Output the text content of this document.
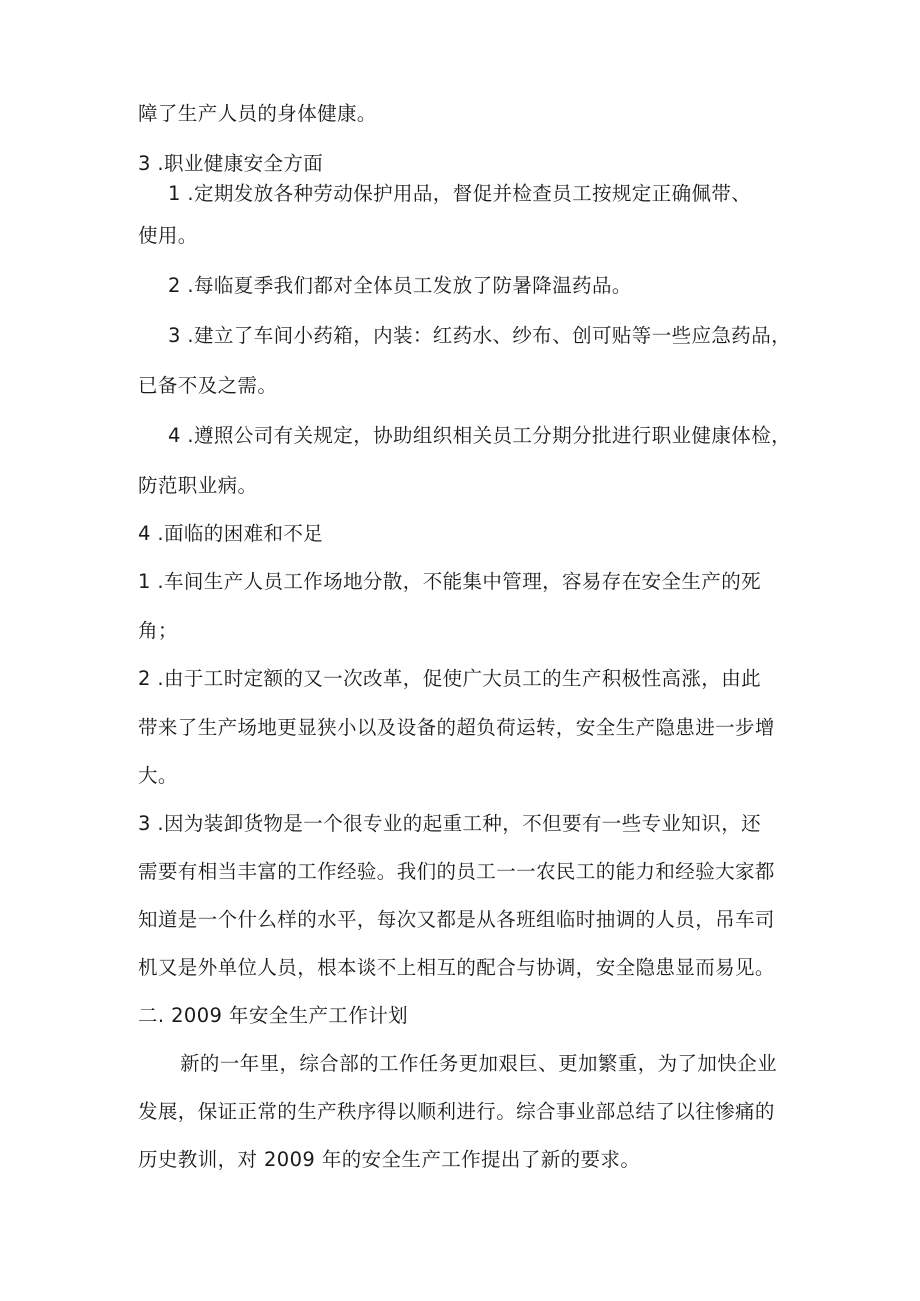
障了生产人员的身体健康。
3 .职业健康安全方面
1 .定期发放各种劳动保护用品，督促并检查员工按规定正确佩带、
使用。
2 .每临夏季我们都对全体员工发放了防暑降温药品。
3 .建立了车间小药箱，内装：红药水、纱布、创可贴等一些应急药品，
已备不及之需。
4 .遵照公司有关规定，协助组织相关员工分期分批进行职业健康体检，
防范职业病。
4 .面临的困难和不足
1 .车间生产人员工作场地分散，不能集中管理，容易存在安全生产的死
角；
2 .由于工时定额的又一次改革，促使广大员工的生产积极性高涨，由此
带来了生产场地更显狭小以及设备的超负荷运转，安全生产隐患进一步增
大。
3 .因为装卸货物是一个很专业的起重工种，不但要有一些专业知识，还
需要有相当丰富的工作经验。我们的员工一一农民工的能力和经验大家都
知道是一个什么样的水平，每次又都是从各班组临时抽调的人员，吊车司
机又是外单位人员，根本谈不上相互的配合与协调，安全隐患显而易见。
二. 2009 年安全生产工作计划
新的一年里，综合部的工作任务更加艰巨、更加繁重，为了加快企业
发展，保证正常的生产秩序得以顺利进行。综合事业部总结了以往惨痛的
历史教训，对 2009 年的安全生产工作提出了新的要求。
